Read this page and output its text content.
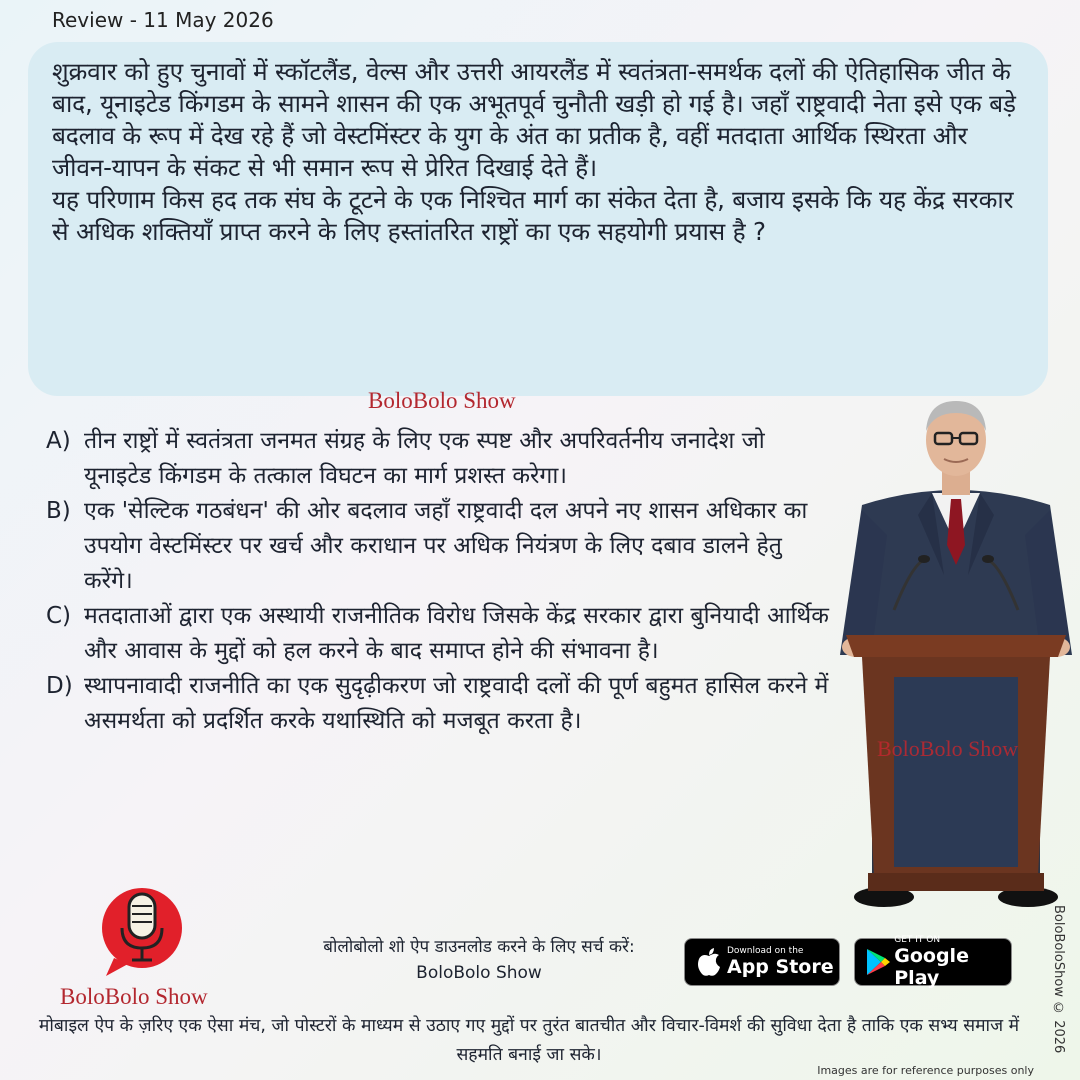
Review - 11 May 2026

शुक्रवार को हुए चुनावों में स्कॉटलैंड, वेल्स और उत्तरी आयरलैंड में स्वतंत्रता-समर्थक दलों की ऐतिहासिक जीत के बाद, यूनाइटेड किंगडम के सामने शासन की एक अभूतपूर्व चुनौती खड़ी हो गई है। जहाँ राष्ट्रवादी नेता इसे एक बड़े बदलाव के रूप में देख रहे हैं जो वेस्टमिंस्टर के युग के अंत का प्रतीक है, वहीं मतदाता आर्थिक स्थिरता और जीवन-यापन के संकट से भी समान रूप से प्रेरित दिखाई देते हैं।

यह परिणाम किस हद तक संघ के टूटने के एक निश्चित मार्ग का संकेत देता है, बजाय इसके कि यह केंद्र सरकार से अधिक शक्तियाँ प्राप्त करने के लिए हस्तांतरित राष्ट्रों का एक सहयोगी प्रयास है ?

BoloBolo Show
A) तीन राष्ट्रों में स्वतंत्रता जनमत संग्रह के लिए एक स्पष्ट और अपरिवर्तनीय जनादेश जो यूनाइटेड किंगडम के तत्काल विघटन का मार्ग प्रशस्त करेगा।
B) एक 'सेल्टिक गठबंधन' की ओर बदलाव जहाँ राष्ट्रवादी दल अपने नए शासन अधिकार का उपयोग वेस्टमिंस्टर पर खर्च और कराधान पर अधिक नियंत्रण के लिए दबाव डालने हेतु करेंगे।
C) मतदाताओं द्वारा एक अस्थायी राजनीतिक विरोध जिसके केंद्र सरकार द्वारा बुनियादी आर्थिक और आवास के मुद्दों को हल करने के बाद समाप्त होने की संभावना है।
D) स्थापनावादी राजनीति का एक सुदृढ़ीकरण जो राष्ट्रवादी दलों की पूर्ण बहुमत हासिल करने में असमर्थता को प्रदर्शित करके यथास्थिति को मजबूत करता है।
BoloBolo Show
BoloBoloShow © 2026
BoloBolo Show
बोलोबोलो शो ऐप डाउनलोड करने के लिए सर्च करें:
BoloBolo Show
Download on the
App Store
GET IT ON
Google Play
मोबाइल ऐप के ज़रिए एक ऐसा मंच, जो पोस्टरों के माध्यम से उठाए गए मुद्दों पर तुरंत बातचीत और विचार-विमर्श की सुविधा देता है ताकि एक सभ्य समाज में सहमति बनाई जा सके।
Images are for reference purposes only
